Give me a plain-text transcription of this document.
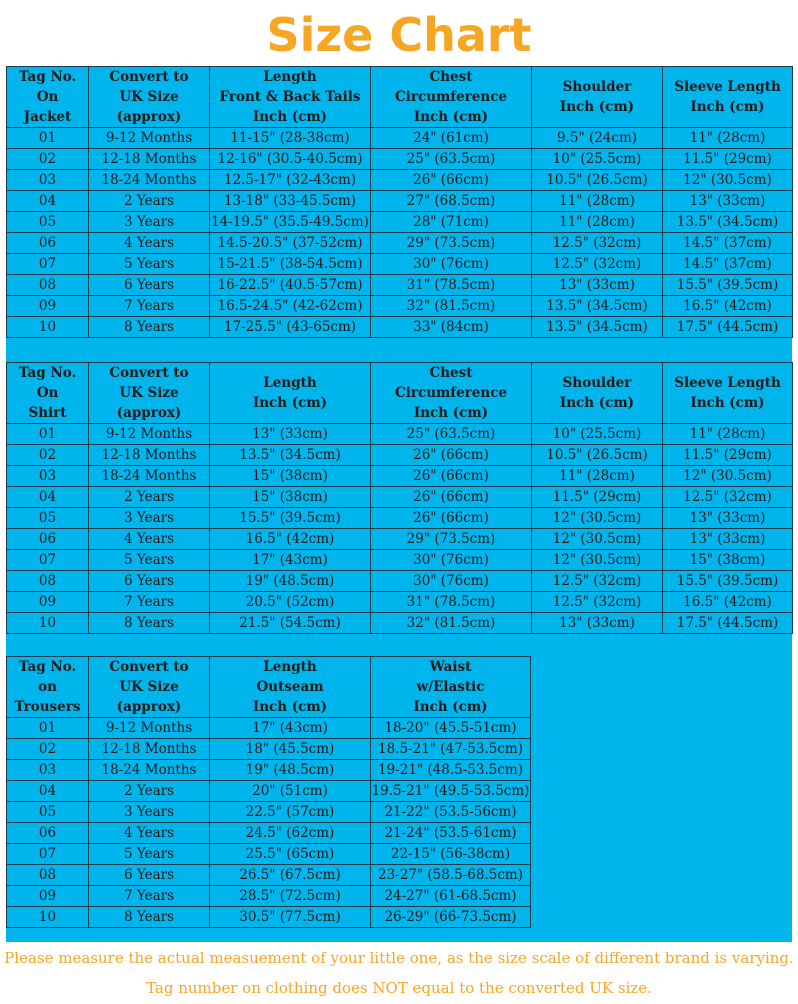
Size Chart
Tag No.
On
Jacket	Convert to
UK Size
(approx)	Length
Front & Back Tails
Inch (cm)	Chest
Circumference
Inch (cm)	Shoulder
Inch (cm)	Sleeve Length
Inch (cm)
01	9-12 Months	11-15" (28-38cm)	24" (61cm)	9.5" (24cm)	11" (28cm)
02	12-18 Months	12-16" (30.5-40.5cm)	25" (63.5cm)	10" (25.5cm)	11.5" (29cm)
03	18-24 Months	12.5-17" (32-43cm)	26" (66cm)	10.5" (26.5cm)	12" (30.5cm)
04	2 Years	13-18" (33-45.5cm)	27" (68.5cm)	11" (28cm)	13" (33cm)
05	3 Years	14-19.5" (35.5-49.5cm)	28" (71cm)	11" (28cm)	13.5" (34.5cm)
06	4 Years	14.5-20.5" (37-52cm)	29" (73.5cm)	12.5" (32cm)	14.5" (37cm)
07	5 Years	15-21.5" (38-54.5cm)	30" (76cm)	12.5" (32cm)	14.5" (37cm)
08	6 Years	16-22.5" (40.5-57cm)	31" (78.5cm)	13" (33cm)	15.5" (39.5cm)
09	7 Years	16.5-24.5" (42-62cm)	32" (81.5cm)	13.5" (34.5cm)	16.5" (42cm)
10	8 Years	17-25.5" (43-65cm)	33" (84cm)	13.5" (34.5cm)	17.5" (44.5cm)
Tag No.
On
Shirt	Convert to
UK Size
(approx)	Length
Inch (cm)	Chest
Circumference
Inch (cm)	Shoulder
Inch (cm)	Sleeve Length
Inch (cm)
01	9-12 Months	13" (33cm)	25" (63.5cm)	10" (25.5cm)	11" (28cm)
02	12-18 Months	13.5" (34.5cm)	26" (66cm)	10.5" (26.5cm)	11.5" (29cm)
03	18-24 Months	15" (38cm)	26" (66cm)	11" (28cm)	12" (30.5cm)
04	2 Years	15" (38cm)	26" (66cm)	11.5" (29cm)	12.5" (32cm)
05	3 Years	15.5" (39.5cm)	26" (66cm)	12" (30.5cm)	13" (33cm)
06	4 Years	16.5" (42cm)	29" (73.5cm)	12" (30.5cm)	13" (33cm)
07	5 Years	17" (43cm)	30" (76cm)	12" (30.5cm)	15" (38cm)
08	6 Years	19" (48.5cm)	30" (76cm)	12.5" (32cm)	15.5" (39.5cm)
09	7 Years	20.5" (52cm)	31" (78.5cm)	12.5" (32cm)	16.5" (42cm)
10	8 Years	21.5" (54.5cm)	32" (81.5cm)	13" (33cm)	17.5" (44.5cm)
Tag No.
on
Trousers	Convert to
UK Size
(approx)	Length
Outseam
Inch (cm)	Waist
w/Elastic
Inch (cm)
01	9-12 Months	17" (43cm)	18-20" (45.5-51cm)
02	12-18 Months	18" (45.5cm)	18.5-21" (47-53.5cm)
03	18-24 Months	19" (48.5cm)	19-21" (48.5-53.5cm)
04	2 Years	20" (51cm)	19.5-21" (49.5-53.5cm)
05	3 Years	22.5" (57cm)	21-22" (53.5-56cm)
06	4 Years	24.5" (62cm)	21-24" (53.5-61cm)
07	5 Years	25.5" (65cm)	22-15" (56-38cm)
08	6 Years	26.5" (67.5cm)	23-27" (58.5-68.5cm)
09	7 Years	28.5" (72.5cm)	24-27" (61-68.5cm)
10	8 Years	30.5" (77.5cm)	26-29" (66-73.5cm)
Please measure the actual measuement of your little one, as the size scale of different brand is varying.
Tag number on clothing does NOT equal to the converted UK size.
